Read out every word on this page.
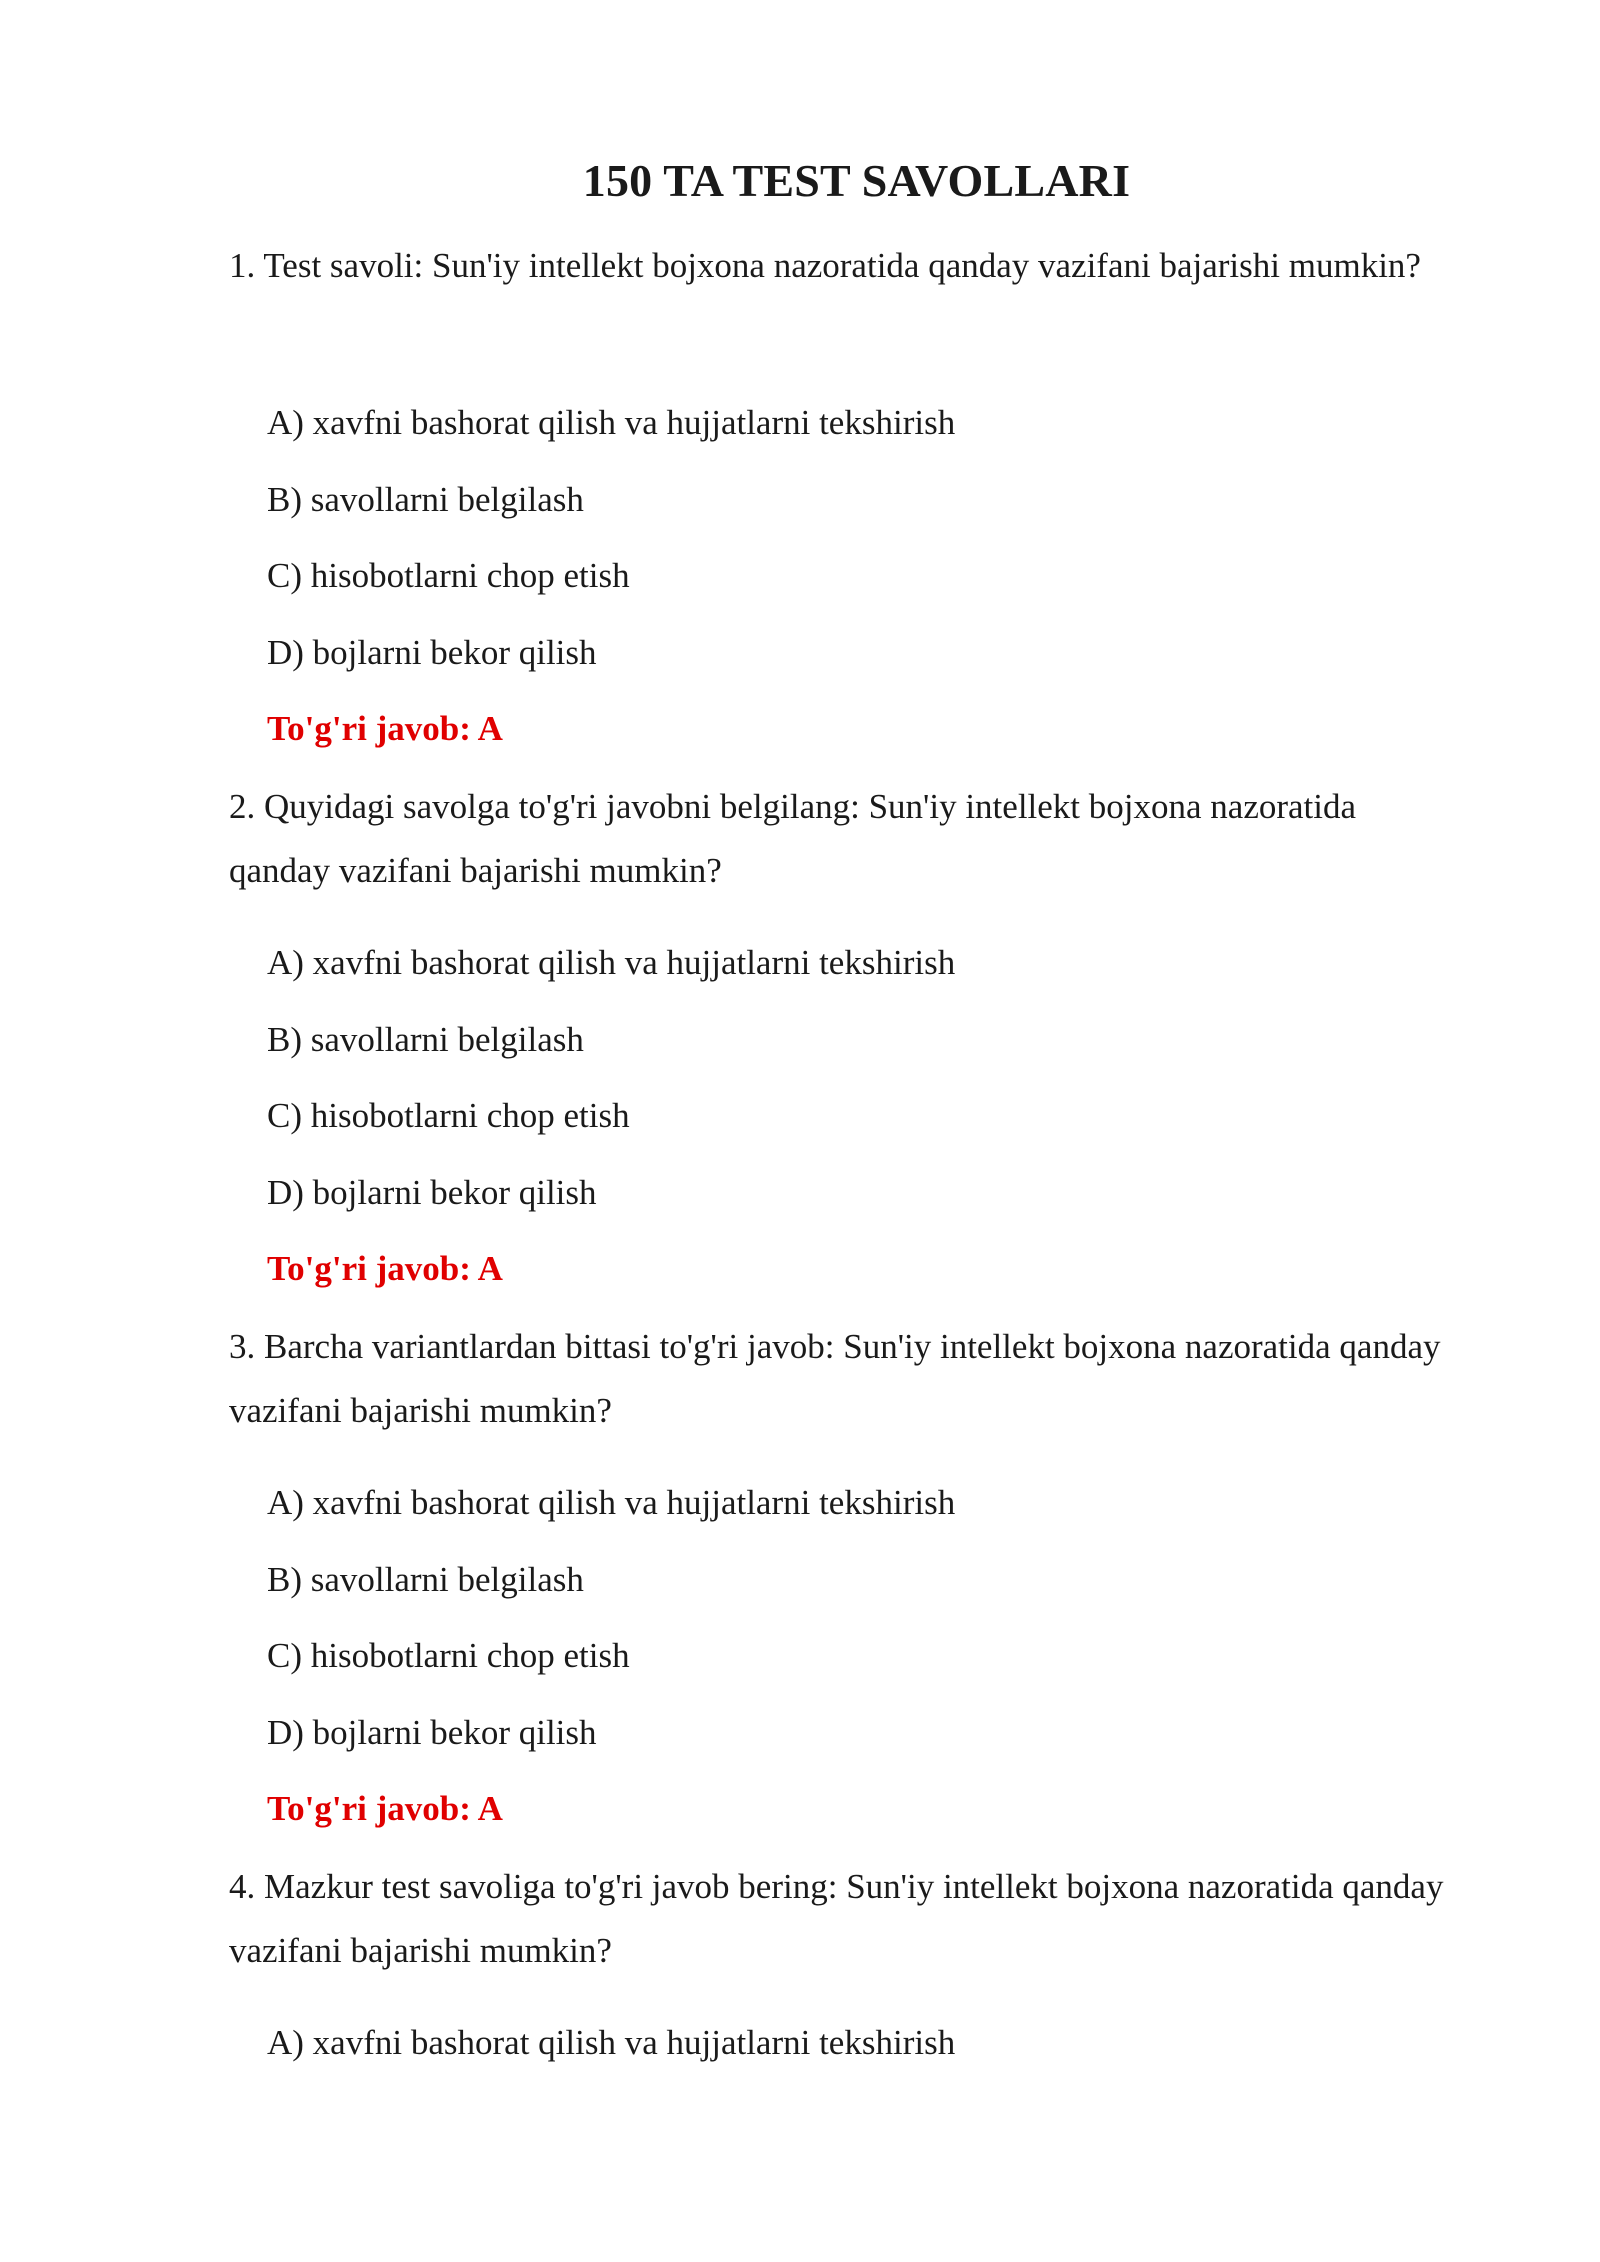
150 TA TEST SAVOLLARI
1. Test savoli: Sun'iy intellekt bojxona nazoratida qanday vazifani bajarishi mumkin?
A) xavfni bashorat qilish va hujjatlarni tekshirish
B) savollarni belgilash
C) hisobotlarni chop etish
D) bojlarni bekor qilish
To'g'ri javob: A
2. Quyidagi savolga to'g'ri javobni belgilang: Sun'iy intellekt bojxona nazoratida qanday vazifani bajarishi mumkin?
A) xavfni bashorat qilish va hujjatlarni tekshirish
B) savollarni belgilash
C) hisobotlarni chop etish
D) bojlarni bekor qilish
To'g'ri javob: A
3. Barcha variantlardan bittasi to'g'ri javob: Sun'iy intellekt bojxona nazoratida qanday vazifani bajarishi mumkin?
A) xavfni bashorat qilish va hujjatlarni tekshirish
B) savollarni belgilash
C) hisobotlarni chop etish
D) bojlarni bekor qilish
To'g'ri javob: A
4. Mazkur test savoliga to'g'ri javob bering: Sun'iy intellekt bojxona nazoratida qanday vazifani bajarishi mumkin?
A) xavfni bashorat qilish va hujjatlarni tekshirish
